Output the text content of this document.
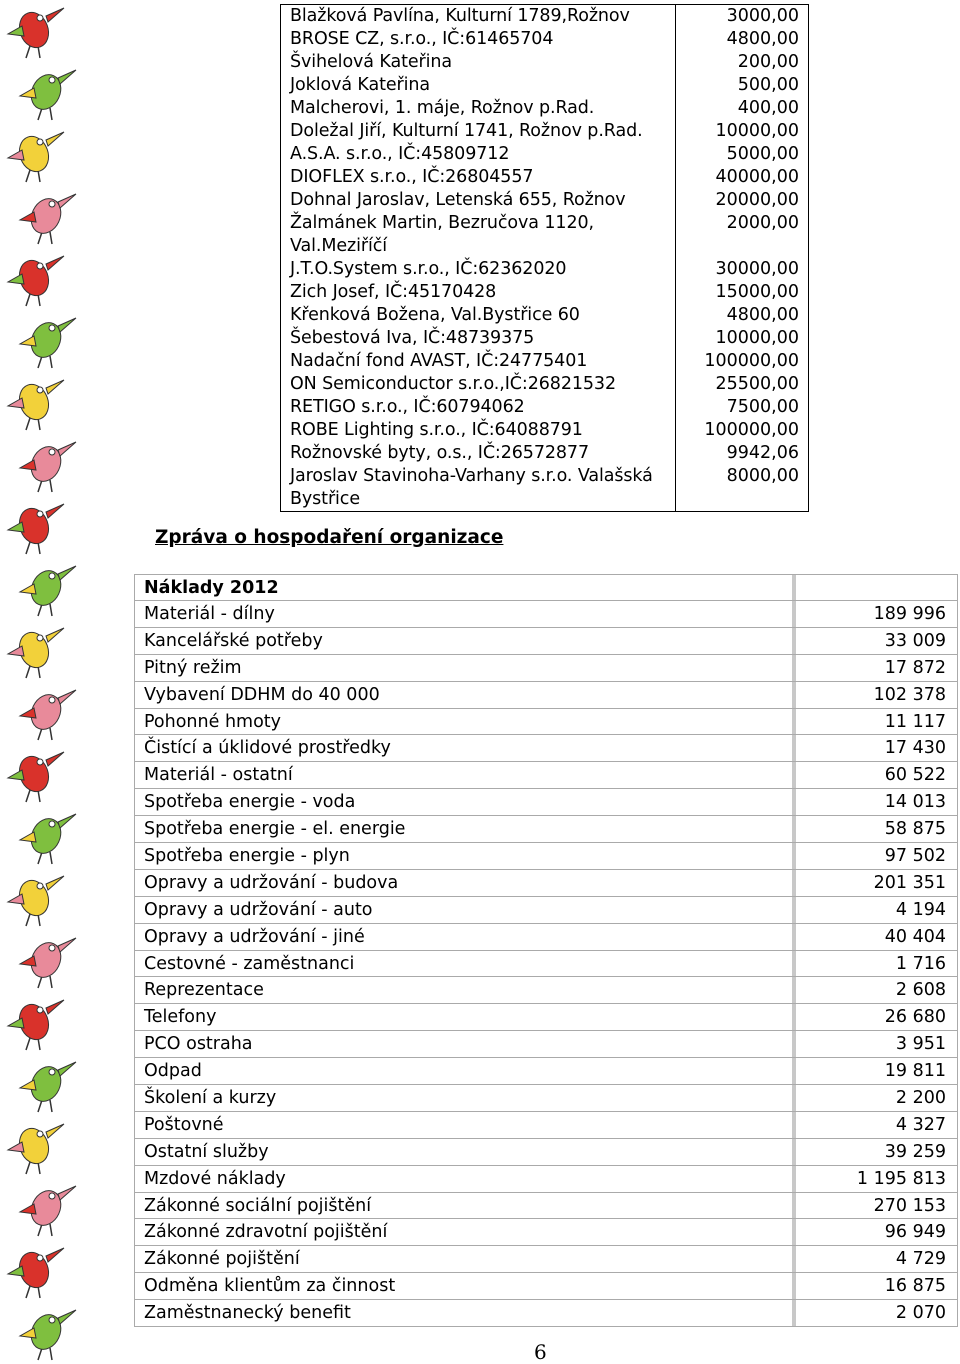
Blažková Pavlína, Kulturní 1789,Rožnov	3000,00
BROSE CZ, s.r.o., IČ:61465704	4800,00
Švihelová Kateřina	200,00
Joklová Kateřina	500,00
Malcherovi, 1. máje, Rožnov p.Rad.	400,00
Doležal Jiří, Kulturní 1741, Rožnov p.Rad.	10000,00
A.S.A. s.r.o., IČ:45809712	5000,00
DIOFLEX s.r.o., IČ:26804557	40000,00
Dohnal Jaroslav, Letenská 655, Rožnov	20000,00
Žalmánek Martin, Bezručova 1120,	2000,00
Val.Meziříčí
J.T.O.System s.r.o., IČ:62362020	30000,00
Zich Josef, IČ:45170428	15000,00
Křenková Božena, Val.Bystřice 60	4800,00
Šebestová Iva, IČ:48739375	10000,00
Nadační fond AVAST, IČ:24775401	100000,00
ON Semiconductor s.r.o.,IČ:26821532	25500,00
RETIGO s.r.o., IČ:60794062	7500,00
ROBE Lighting s.r.o., IČ:64088791	100000,00
Rožnovské byty, o.s., IČ:26572877	9942,06
Jaroslav Stavinoha-Varhany s.r.o. Valašská	8000,00
Bystřice
Zpráva o hospodaření organizace
Náklady 2012
Materiál - dílny	189 996
Kancelářské potřeby	33 009
Pitný režim	17 872
Vybavení DDHM do 40 000	102 378
Pohonné hmoty	11 117
Čistící a úklidové prostředky	17 430
Materiál - ostatní	60 522
Spotřeba energie - voda	14 013
Spotřeba energie - el. energie	58 875
Spotřeba energie - plyn	97 502
Opravy a udržování - budova	201 351
Opravy a udržování - auto	4 194
Opravy a udržování - jiné	40 404
Cestovné - zaměstnanci	1 716
Reprezentace	2 608
Telefony	26 680
PCO ostraha	3 951
Odpad	19 811
Školení a kurzy	2 200
Poštovné	4 327
Ostatní služby	39 259
Mzdové náklady	1 195 813
Zákonné sociální pojištění	270 153
Zákonné zdravotní pojištění	96 949
Zákonné pojištění	4 729
Odměna klientům za činnost	16 875
Zaměstnanecký benefit	2 070
6
